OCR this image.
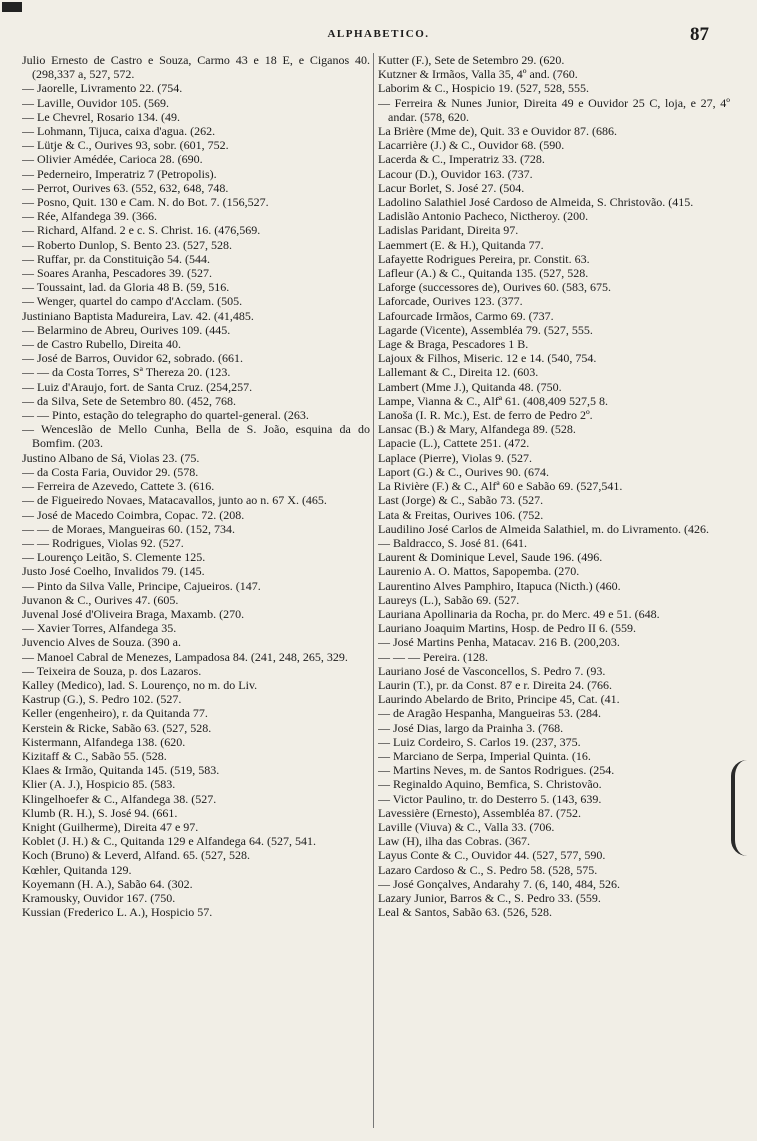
ALPHABETICO.	87
Julio Ernesto de Castro e Souza, Carmo 43 e 18 E, e Ciganos 40. (298,337 a, 527, 572.
— Jaorelle, Livramento 22. (754.
— Laville, Ouvidor 105. (569.
— Le Chevrel, Rosario 134. (49.
— Lohmann, Tijuca, caixa d'agua. (262.
— Lütje & C., Ourives 93, sobr. (601, 752.
— Olivier Amédée, Carioca 28. (690.
— Pederneiro, Imperatriz 7 (Petropolis).
— Perrot, Ourives 63. (552, 632, 648, 748.
— Posno, Quit. 130 e Cam. N. do Bot. 7. (156,527.
— Rée, Alfandega 39. (366.
— Richard, Alfand. 2 e c. S. Christ. 16. (476,569.
— Roberto Dunlop, S. Bento 23. (527, 528.
— Ruffar, pr. da Constituição 54. (544.
— Soares Aranha, Pescadores 39. (527.
— Toussaint, lad. da Gloria 48 B. (59, 516.
— Wenger, quartel do campo d'Acclam. (505.
Justiniano Baptista Madureira, Lav. 42. (41,485.
— Belarmino de Abreu, Ourives 109. (445.
— de Castro Rubello, Direita 40.
— José de Barros, Ouvidor 62, sobrado. (661.
— — da Costa Torres, Sª Thereza 20. (123.
— Luiz d'Araujo, fort. de Santa Cruz. (254,257.
— da Silva, Sete de Setembro 80. (452, 768.
— — Pinto, estação do telegrapho do quartel-general. (263.
— Wenceslão de Mello Cunha, Bella de S. João, esquina da do Bomfim. (203.
Justino Albano de Sá, Violas 23. (75.
— da Costa Faria, Ouvidor 29. (578.
— Ferreira de Azevedo, Cattete 3. (616.
— de Figueiredo Novaes, Matacavallos, junto ao n. 67 X. (465.
— José de Macedo Coimbra, Copac. 72. (208.
— — de Moraes, Mangueiras 60. (152, 734.
— — Rodrigues, Violas 92. (527.
— Lourenço Leitão, S. Clemente 125.
Justo José Coelho, Invalidos 79. (145.
— Pinto da Silva Valle, Principe, Cajueiros. (147.
Juvanon & C., Ourives 47. (605.
Juvenal José d'Oliveira Braga, Maxamb. (270.
— Xavier Torres, Alfandega 35.
Juvencio Alves de Souza. (390 a.
— Manoel Cabral de Menezes, Lampadosa 84. (241, 248, 265, 329.
— Teixeira de Souza, p. dos Lazaros.
Kalley (Medico), lad. S. Lourenço, no m. do Liv.
Kastrup (G.), S. Pedro 102. (527.
Keller (engenheiro), r. da Quitanda 77.
Kerstein & Ricke, Sabão 63. (527, 528.
Kistermann, Alfandega 138. (620.
Kizitaff & C., Sabão 55. (528.
Klaes & Irmão, Quitanda 145. (519, 583.
Klier (A. J.), Hospicio 85. (583.
Klingelhoefer & C., Alfandega 38. (527.
Klumb (R. H.), S. José 94. (661.
Knight (Guilherme), Direita 47 e 97.
Koblet (J. H.) & C., Quitanda 129 e Alfandega 64. (527, 541.
Koch (Bruno) & Leverd, Alfand. 65. (527, 528.
Kœhler, Quitanda 129.
Koyemann (H. A.), Sabão 64. (302.
Kramousky, Ouvidor 167. (750.
Kussian (Frederico L. A.), Hospicio 57.
Kutter (F.), Sete de Setembro 29. (620.
Kutzner & Irmãos, Valla 35, 4º and. (760.
Laborim & C., Hospicio 19. (527, 528, 555.
— Ferreira & Nunes Junior, Direita 49 e Ouvidor 25 C, loja, e 27, 4º andar. (578, 620.
La Brière (Mme de), Quit. 33 e Ouvidor 87. (686.
Lacarrière (J.) & C., Ouvidor 68. (590.
Lacerda & C., Imperatriz 33. (728.
Lacour (D.), Ouvidor 163. (737.
Lacur Borlet, S. José 27. (504.
Ladolino Salathiel José Cardoso de Almeida, S. Christovão. (415.
Ladislão Antonio Pacheco, Nictheroy. (200.
Ladislas Paridant, Direita 97.
Laemmert (E. & H.), Quitanda 77.
Lafayette Rodrigues Pereira, pr. Constit. 63.
Lafleur (A.) & C., Quitanda 135. (527, 528.
Laforge (successores de), Ourives 60. (583, 675.
Laforcade, Ourives 123. (377.
Lafourcade Irmãos, Carmo 69. (737.
Lagarde (Vicente), Assembléa 79. (527, 555.
Lage & Braga, Pescadores 1 B.
Lajoux & Filhos, Miseric. 12 e 14. (540, 754.
Lallemant & C., Direita 12. (603.
Lambert (Mme J.), Quitanda 48. (750.
Lampe, Vianna & C., Alfª 61. (408,409 527,5 8.
Lanoša (I. R. Mc.), Est. de ferro de Pedro 2º.
Lansac (B.) & Mary, Alfandega 89. (528.
Lapacie (L.), Cattete 251. (472.
Laplace (Pierre), Violas 9. (527.
Laport (G.) & C., Ourives 90. (674.
La Rivière (F.) & C., Alfª 60 e Sabão 69. (527,541.
Last (Jorge) & C., Sabão 73. (527.
Lata & Freitas, Ourives 106. (752.
Laudilino José Carlos de Almeida Salathiel, m. do Livramento. (426.
— Baldracco, S. José 81. (641.
Laurent & Dominique Level, Saude 196. (496.
Laurenio A. O. Mattos, Sapopemba. (270.
Laurentino Alves Pamphiro, Itapuca (Nicth.) (460.
Laureys (L.), Sabão 69. (527.
Lauriana Apollinaria da Rocha, pr. do Merc. 49 e 51. (648.
Lauriano Joaquim Martins, Hosp. de Pedro II 6. (559.
— José Martins Penha, Matacav. 216 B. (200,203.
— — — Pereira. (128.
Lauriano José de Vasconcellos, S. Pedro 7. (93.
Laurin (T.), pr. da Const. 87 e r. Direita 24. (766.
Laurindo Abelardo de Brito, Principe 45, Cat. (41.
— de Aragão Hespanha, Mangueiras 53. (284.
— José Dias, largo da Prainha 3. (768.
— Luiz Cordeiro, S. Carlos 19. (237, 375.
— Marciano de Serpa, Imperial Quinta. (16.
— Martins Neves, m. de Santos Rodrigues. (254.
— Reginaldo Aquino, Bemfica, S. Christovão.
— Victor Paulino, tr. do Desterro 5. (143, 639.
Lavessière (Ernesto), Assembléa 87. (752.
Laville (Viuva) & C., Valla 33. (706.
Law (H), ilha das Cobras. (367.
Layus Conte & C., Ouvidor 44. (527, 577, 590.
Lazaro Cardoso & C., S. Pedro 58. (528, 575.
— José Gonçalves, Andarahy 7. (6, 140, 484, 526.
Lazary Junior, Barros & C., S. Pedro 33. (559.
Leal & Santos, Sabão 63. (526, 528.
